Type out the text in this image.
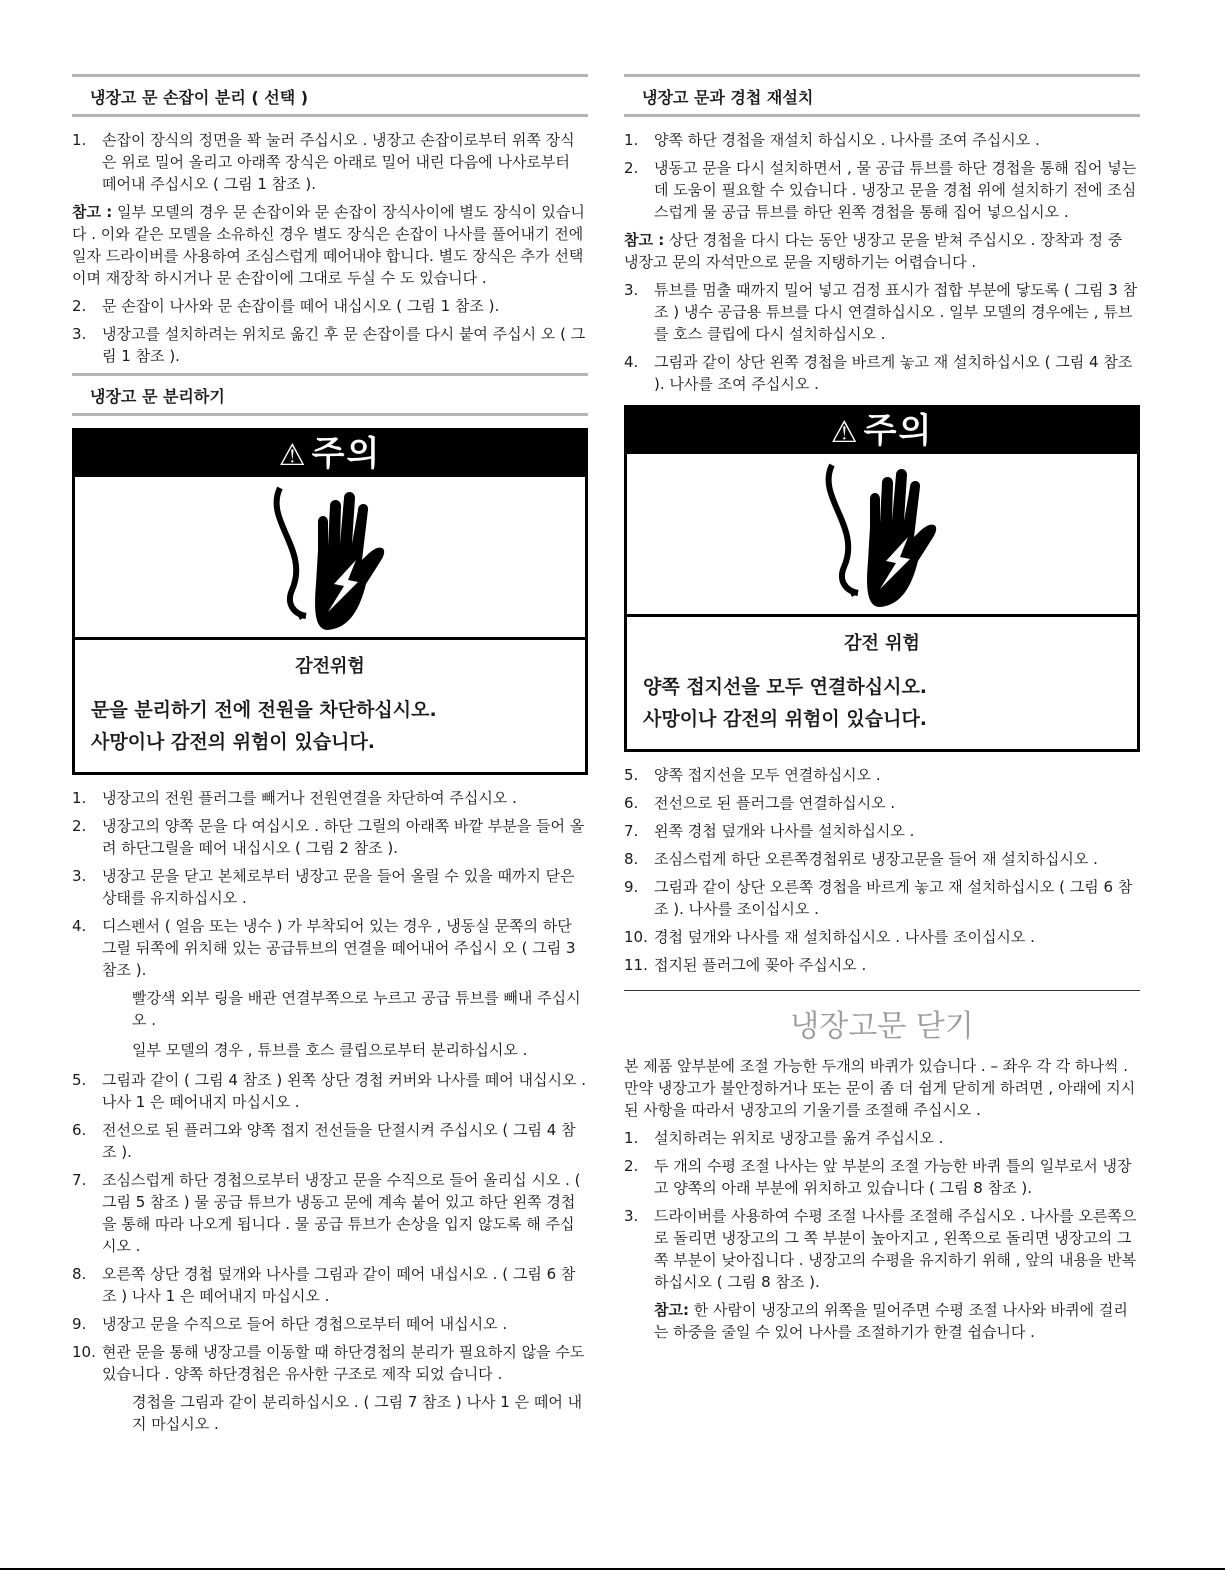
냉장고 문 손잡이 분리 ( 선택 )
1. 손잡이 장식의 정면을 꽉 눌러 주십시오 . 냉장고 손잡이로부터 위쪽 장식은 위로 밀어 올리고 아래쪽 장식은 아래로 밀어 내린 다음에 나사로부터 떼어내 주십시오 ( 그림 1 참조 ).

참고 : 일부 모델의 경우 문 손잡이와 문 손잡이 장식사이에 별도 장식이 있습니다 . 이와 같은 모델을 소유하신 경우 별도 장식은 손잡이 나사를 풀어내기 전에 일자 드라이버를 사용하여 조심스럽게 떼어내야 합니다. 별도 장식은 추가 선택이며 재장착 하시거나 문 손잡이에 그대로 두실 수 도 있습니다 .

2. 문 손잡이 나사와 문 손잡이를 떼어 내십시오 ( 그림 1 참조 ).
3. 냉장고를 설치하려는 위치로 옮긴 후 문 손잡이를 다시 붙여 주십시 오 ( 그림 1 참조 ).
냉장고 문 분리하기
⚠ 주의
감전위험
문을 분리하기 전에 전원을 차단하십시오.
사망이나 감전의 위험이 있습니다.
1. 냉장고의 전원 플러그를 빼거나 전원연결을 차단하여 주십시오 .
2. 냉장고의 양쪽 문을 다 여십시오 . 하단 그릴의 아래쪽 바깥 부분을 들어 올려 하단그릴을 떼어 내십시오 ( 그림 2 참조 ).
3. 냉장고 문을 닫고 본체로부터 냉장고 문을 들어 올릴 수 있을 때까지 닫은 상태를 유지하십시오 .
4. 디스펜서 ( 얼음 또는 냉수 ) 가 부착되어 있는 경우 , 냉동실 문쪽의 하단 그릴 뒤쪽에 위치해 있는 공급튜브의 연결을 떼어내어 주십시 오 ( 그림 3 참조 ).
빨강색 외부 링을 배관 연결부쪽으로 누르고 공급 튜브를 빼내 주십시오 .
일부 모델의 경우 , 튜브를 호스 클립으로부터 분리하십시오 .
5. 그림과 같이 ( 그림 4 참조 ) 왼쪽 상단 경첩 커버와 나사를 떼어 내십시오 . 나사 1 은 떼어내지 마십시오 .
6. 전선으로 된 플러그와 양쪽 접지 전선들을 단절시켜 주십시오 ( 그림 4 참조 ).
7. 조심스럽게 하단 경첩으로부터 냉장고 문을 수직으로 들어 올리십 시오 . ( 그림 5 참조 ) 물 공급 튜브가 냉동고 문에 계속 붙어 있고 하단 왼쪽 경첩을 통해 따라 나오게 됩니다 . 물 공급 튜브가 손상을 입지 않도록 해 주십시오 .
8. 오른쪽 상단 경첩 덮개와 나사를 그림과 같이 떼어 내십시오 . ( 그림 6 참조 ) 나사 1 은 떼어내지 마십시오 .
9. 냉장고 문을 수직으로 들어 하단 경첩으로부터 떼어 내십시오 .
10. 현관 문을 통해 냉장고를 이동할 때 하단경첩의 분리가 필요하지 않을 수도 있습니다 . 양쪽 하단경첩은 유사한 구조로 제작 되었 습니다 .
경첩을 그림과 같이 분리하십시오 . ( 그림 7 참조 ) 나사 1 은 떼어 내지 마십시오 .
냉장고 문과 경첩 재설치
1. 양쪽 하단 경첩을 재설치 하십시오 . 나사를 조여 주십시오 .
2. 냉동고 문을 다시 설치하면서 , 물 공급 튜브를 하단 경첩을 통해 집어 넣는데 도움이 필요할 수 있습니다 . 냉장고 문을 경첩 위에 설치하기 전에 조심스럽게 물 공급 튜브를 하단 왼쪽 경첩을 통해 집어 넣으십시오 .

참고 : 상단 경첩을 다시 다는 동안 냉장고 문을 받쳐 주십시오 . 장착과 정 중 냉장고 문의 자석만으로 문을 지탱하기는 어렵습니다 .

3. 튜브를 멈출 때까지 밀어 넣고 검정 표시가 접합 부분에 닿도록 ( 그림 3 참조 ) 냉수 공급용 튜브를 다시 연결하십시오 . 일부 모델의 경우에는 , 튜브를 호스 클립에 다시 설치하십시오 .
4. 그림과 같이 상단 왼쪽 경첩을 바르게 놓고 재 설치하십시오 ( 그림 4 참조 ). 나사를 조여 주십시오 .
⚠ 주의
감전 위험
양쪽 접지선을 모두 연결하십시오.
사망이나 감전의 위험이 있습니다.
5. 양쪽 접지선을 모두 연결하십시오 .
6. 전선으로 된 플러그를 연결하십시오 .
7. 왼쪽 경첩 덮개와 나사를 설치하십시오 .
8. 조심스럽게 하단 오른쪽경첩위로 냉장고문을 들어 재 설치하십시오 .
9. 그림과 같이 상단 오른쪽 경첩을 바르게 놓고 재 설치하십시오 ( 그림 6 참조 ). 나사를 조이십시오 .
10. 경첩 덮개와 나사를 재 설치하십시오 . 나사를 조이십시오 .
11. 접지된 플러그에 꽂아 주십시오 .
냉장고문 닫기

본 제품 앞부분에 조절 가능한 두개의 바퀴가 있습니다 . – 좌우 각 각 하나씩 . 만약 냉장고가 불안정하거나 또는 문이 좀 더 쉽게 닫히게 하려면 , 아래에 지시된 사항을 따라서 냉장고의 기울기를 조절해 주십시오 .

1. 설치하려는 위치로 냉장고를 옮겨 주십시오 .
2. 두 개의 수평 조절 나사는 앞 부분의 조절 가능한 바퀴 틀의 일부로서 냉장고 양쪽의 아래 부분에 위치하고 있습니다 ( 그림 8 참조 ).
3. 드라이버를 사용하여 수평 조절 나사를 조절해 주십시오 . 나사를 오른쪽으로 돌리면 냉장고의 그 쪽 부분이 높아지고 , 왼쪽으로 돌리면 냉장고의 그 쪽 부분이 낮아집니다 . 냉장고의 수평을 유지하기 위해 , 앞의 내용을 반복하십시오 ( 그림 8 참조 ).

참고: 한 사람이 냉장고의 위쪽을 밀어주면 수평 조절 나사와 바퀴에 걸리는 하중을 줄일 수 있어 나사를 조절하기가 한결 쉽습니다 .
